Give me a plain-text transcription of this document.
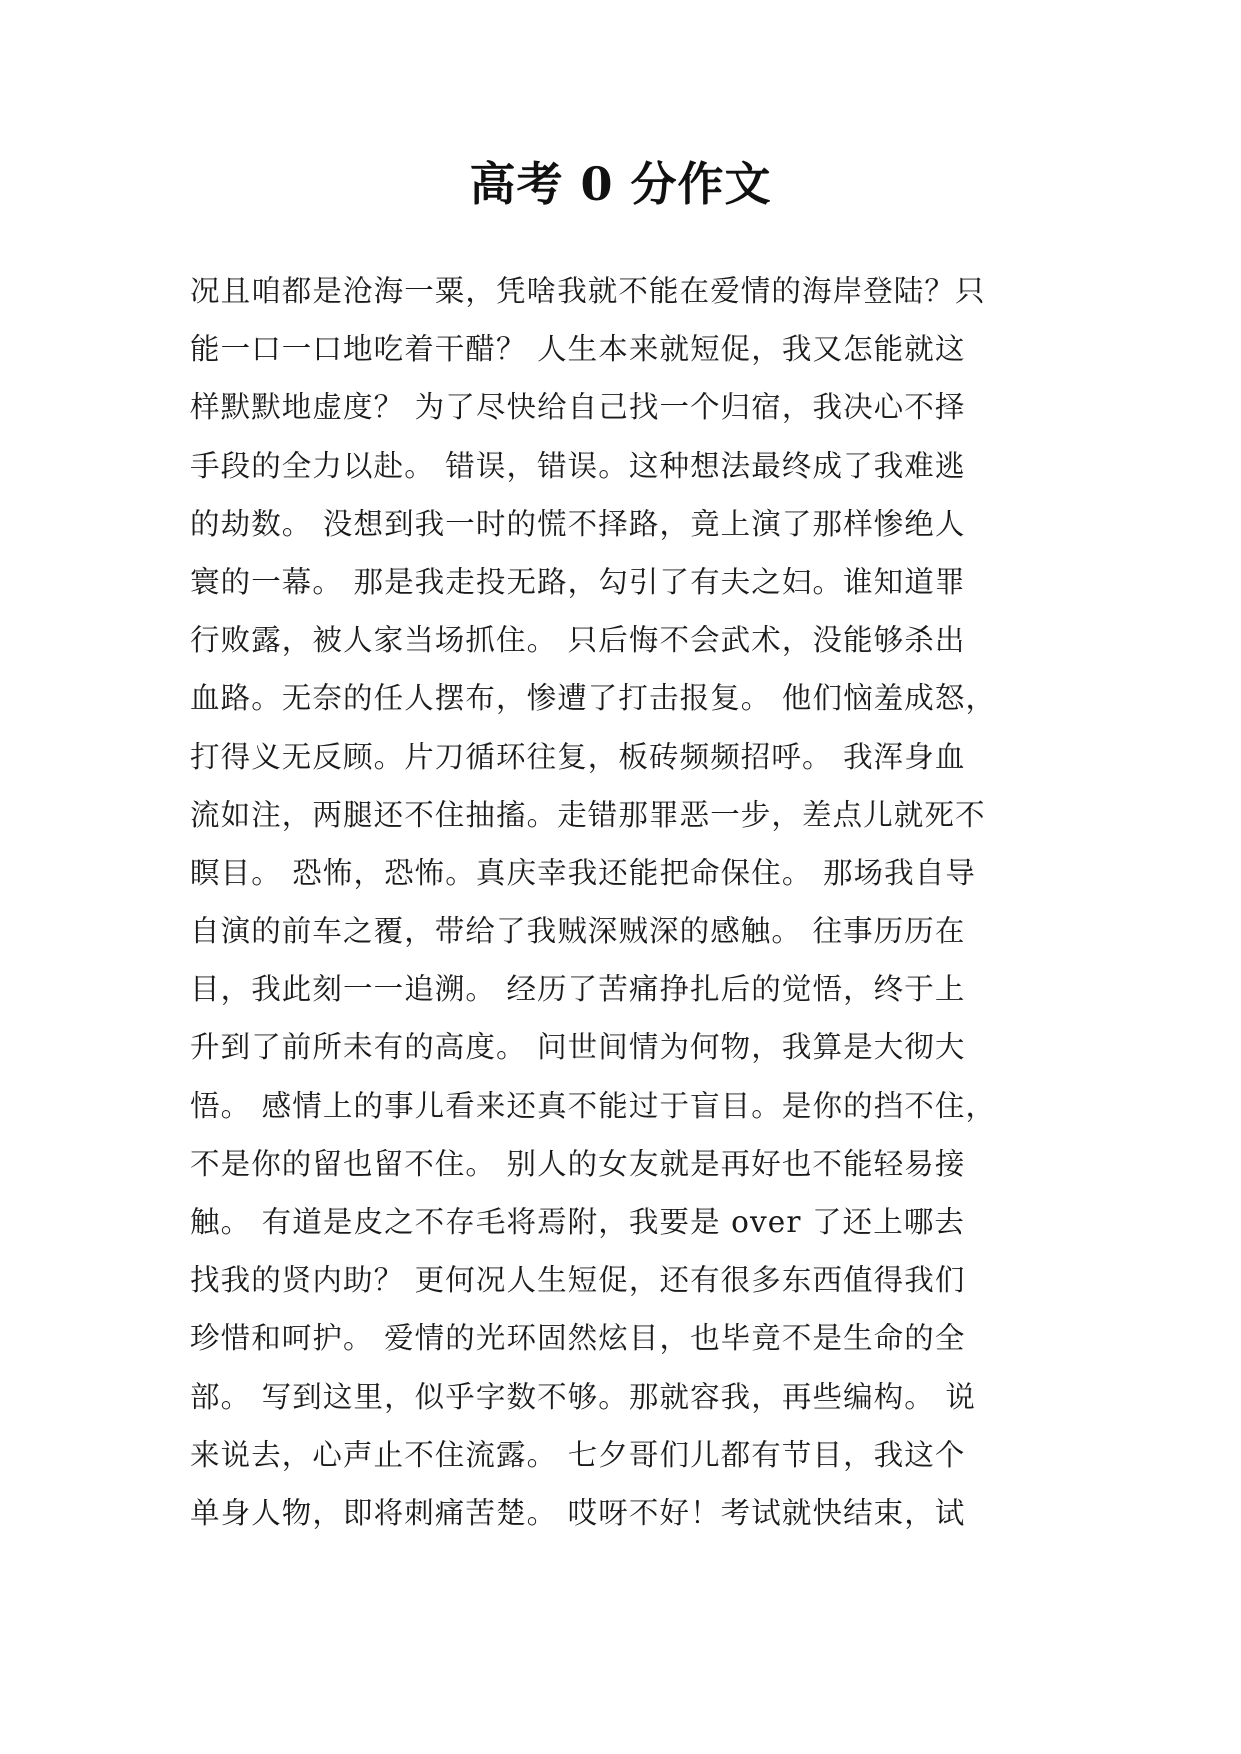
高考 0 分作文
况且咱都是沧海一粟，凭啥我就不能在爱情的海岸登陆？只
能一口一口地吃着干醋？ 人生本来就短促，我又怎能就这
样默默地虚度？ 为了尽快给自己找一个归宿，我决心不择
手段的全力以赴。 错误，错误。这种想法最终成了我难逃
的劫数。 没想到我一时的慌不择路，竟上演了那样惨绝人
寰的一幕。 那是我走投无路，勾引了有夫之妇。谁知道罪
行败露，被人家当场抓住。 只后悔不会武术，没能够杀出
血路。无奈的任人摆布，惨遭了打击报复。 他们恼羞成怒，
打得义无反顾。片刀循环往复，板砖频频招呼。 我浑身血
流如注，两腿还不住抽搐。走错那罪恶一步，差点儿就死不
瞑目。 恐怖，恐怖。真庆幸我还能把命保住。 那场我自导
自演的前车之覆，带给了我贼深贼深的感触。 往事历历在
目，我此刻一一追溯。 经历了苦痛挣扎后的觉悟，终于上
升到了前所未有的高度。 问世间情为何物，我算是大彻大
悟。 感情上的事儿看来还真不能过于盲目。是你的挡不住，
不是你的留也留不住。 别人的女友就是再好也不能轻易接
触。 有道是皮之不存毛将焉附，我要是 over 了还上哪去
找我的贤内助？ 更何况人生短促，还有很多东西值得我们
珍惜和呵护。 爱情的光环固然炫目，也毕竟不是生命的全
部。 写到这里，似乎字数不够。那就容我，再些编构。 说
来说去，心声止不住流露。 七夕哥们儿都有节目，我这个
单身人物，即将刺痛苦楚。 哎呀不好！考试就快结束，试
